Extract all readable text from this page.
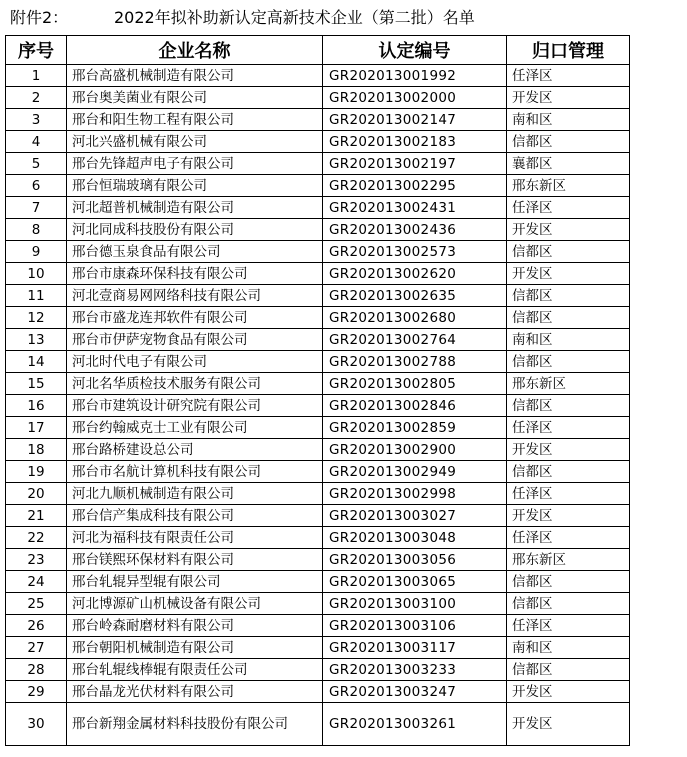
附件2：	2022年拟补助新认定高新技术企业（第二批）名单
序号	企业名称	认定编号	归口管理
1	邢台高盛机械制造有限公司	GR202013001992	任泽区
2	邢台奥美菌业有限公司	GR202013002000	开发区
3	邢台和阳生物工程有限公司	GR202013002147	南和区
4	河北兴盛机械有限公司	GR202013002183	信都区
5	邢台先锋超声电子有限公司	GR202013002197	襄都区
6	邢台恒瑞玻璃有限公司	GR202013002295	邢东新区
7	河北超普机械制造有限公司	GR202013002431	任泽区
8	河北同成科技股份有限公司	GR202013002436	开发区
9	邢台德玉泉食品有限公司	GR202013002573	信都区
10	邢台市康森环保科技有限公司	GR202013002620	开发区
11	河北壹商易网网络科技有限公司	GR202013002635	信都区
12	邢台市盛龙连邦软件有限公司	GR202013002680	信都区
13	邢台市伊萨宠物食品有限公司	GR202013002764	南和区
14	河北时代电子有限公司	GR202013002788	信都区
15	河北名华质检技术服务有限公司	GR202013002805	邢东新区
16	邢台市建筑设计研究院有限公司	GR202013002846	信都区
17	邢台约翰威克士工业有限公司	GR202013002859	任泽区
18	邢台路桥建设总公司	GR202013002900	开发区
19	邢台市名航计算机科技有限公司	GR202013002949	信都区
20	河北九顺机械制造有限公司	GR202013002998	任泽区
21	邢台信产集成科技有限公司	GR202013003027	开发区
22	河北为福科技有限责任公司	GR202013003048	任泽区
23	邢台镁熙环保材料有限公司	GR202013003056	邢东新区
24	邢台轧辊异型辊有限公司	GR202013003065	信都区
25	河北博源矿山机械设备有限公司	GR202013003100	信都区
26	邢台岭森耐磨材料有限公司	GR202013003106	任泽区
27	邢台朝阳机械制造有限公司	GR202013003117	南和区
28	邢台轧辊线棒辊有限责任公司	GR202013003233	信都区
29	邢台晶龙光伏材料有限公司	GR202013003247	开发区
30	邢台新翔金属材料科技股份有限公司	GR202013003261	开发区
